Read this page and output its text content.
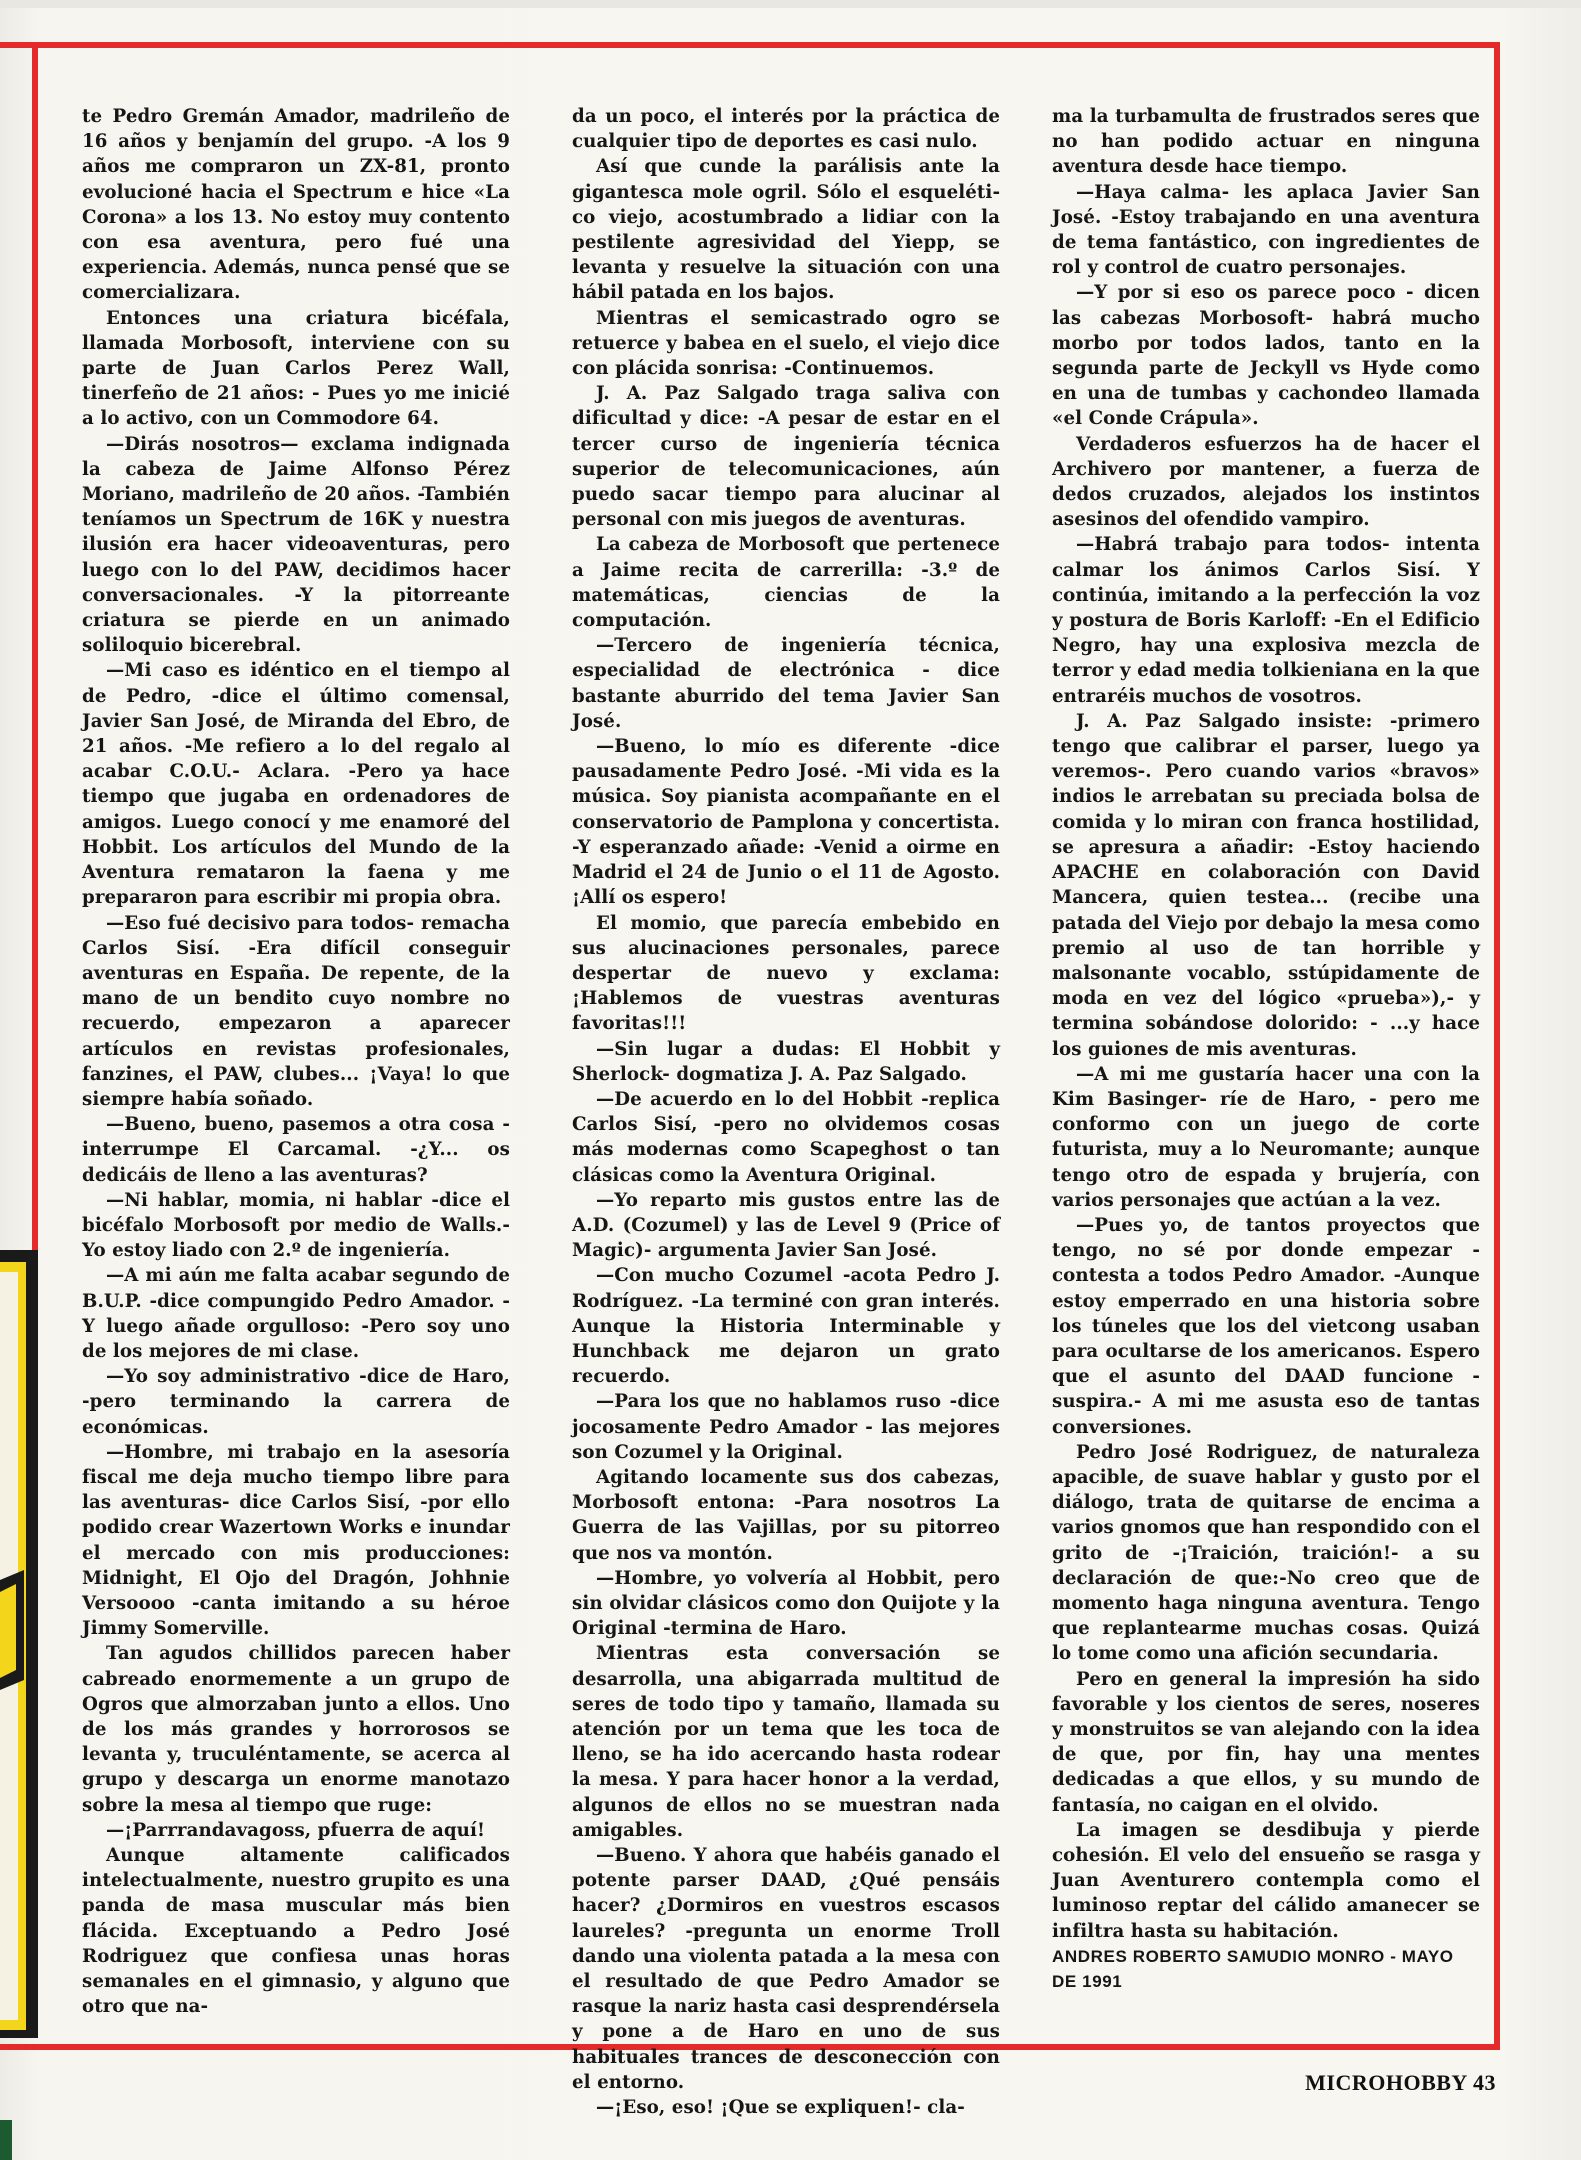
te Pedro Gremán Amador, madrileño de 16 años y benjamín del grupo. -A los 9 años me compraron un ZX-81, pronto evolucioné hacia el Spectrum e hice «La Corona» a los 13. No estoy muy contento con esa aventura, pero fué una experiencia. Además, nunca pensé que se comercializara.

Entonces una criatura bicéfala, llamada Morbosoft, interviene con su parte de Juan Carlos Perez Wall, tinerfeño de 21 años: - Pues yo me inicié a lo activo, con un Commodore 64.

—Dirás nosotros— exclama indignada la cabeza de Jaime Alfonso Pérez Moriano, madrileño de 20 años. -También teníamos un Spectrum de 16K y nuestra ilusión era hacer videoaventuras, pero luego con lo del PAW, decidimos hacer conversacionales. -Y la pitorreante criatura se pierde en un animado soliloquio bicerebral.

—Mi caso es idéntico en el tiempo al de Pedro, -dice el último comensal, Javier San José, de Miranda del Ebro, de 21 años. -Me refiero a lo del regalo al acabar C.O.U.- Aclara. -Pero ya hace tiempo que jugaba en ordenadores de amigos. Luego conocí y me enamoré del Hobbit. Los artículos del Mundo de la Aventura remataron la faena y me prepararon para escribir mi propia obra.

—Eso fué decisivo para todos- remacha Carlos Sisí. -Era difícil conseguir aventuras en España. De repente, de la mano de un bendito cuyo nombre no recuerdo, empezaron a aparecer artículos en revistas profesionales, fanzines, el PAW, clubes... ¡Vaya! lo que siempre había soñado.

—Bueno, bueno, pasemos a otra cosa -interrumpe El Carcamal. -¿Y... os dedicáis de lleno a las aventuras?

—Ni hablar, momia, ni hablar -dice el bicéfalo Morbosoft por medio de Walls.- Yo estoy liado con 2.º de ingeniería.

—A mi aún me falta acabar segundo de B.U.P. -dice compungido Pedro Amador. -Y luego añade orgulloso: -Pero soy uno de los mejores de mi clase.

—Yo soy administrativo -dice de Haro, -pero terminando la carrera de económicas.

—Hombre, mi trabajo en la asesoría fiscal me deja mucho tiempo libre para las aventuras- dice Carlos Sisí, -por ello podido crear Wazertown Works e inundar el mercado con mis producciones: Midnight, El Ojo del Dragón, Johhnie Versoooo -canta imitando a su héroe Jimmy Somerville.

Tan agudos chillidos parecen haber cabreado enormemente a un grupo de Ogros que almorzaban junto a ellos. Uno de los más grandes y horrorosos se levanta y, truculéntamente, se acerca al grupo y descarga un enorme manotazo sobre la mesa al tiempo que ruge:

—¡Parrrandavagoss, pfuerra de aquí!

Aunque altamente calificados intelectualmente, nuestro grupito es una panda de masa muscular más bien flácida. Exceptuando a Pedro José Rodriguez que confiesa unas horas semanales en el gimnasio, y alguno que otro que na-

da un poco, el interés por la práctica de cualquier tipo de deportes es casi nulo.

Así que cunde la parálisis ante la gigantesca mole ogril. Sólo el esquelético viejo, acostumbrado a lidiar con la pestilente agresividad del Yiepp, se levanta y resuelve la situación con una hábil patada en los bajos.

Mientras el semicastrado ogro se retuerce y babea en el suelo, el viejo dice con plácida sonrisa: -Continuemos.

J. A. Paz Salgado traga saliva con dificultad y dice: -A pesar de estar en el tercer curso de ingeniería técnica superior de telecomunicaciones, aún puedo sacar tiempo para alucinar al personal con mis juegos de aventuras.

La cabeza de Morbosoft que pertenece a Jaime recita de carrerilla: -3.º de matemáticas, ciencias de la computación.

—Tercero de ingeniería técnica, especialidad de electrónica - dice bastante aburrido del tema Javier San José.

—Bueno, lo mío es diferente -dice pausadamente Pedro José. -Mi vida es la música. Soy pianista acompañante en el conservatorio de Pamplona y concertista. -Y esperanzado añade: -Venid a oirme en Madrid el 24 de Junio o el 11 de Agosto. ¡Allí os espero!

El momio, que parecía embebido en sus alucinaciones personales, parece despertar de nuevo y exclama: ¡Hablemos de vuestras aventuras favoritas!!!

—Sin lugar a dudas: El Hobbit y Sherlock- dogmatiza J. A. Paz Salgado.

—De acuerdo en lo del Hobbit -replica Carlos Sisí, -pero no olvidemos cosas más modernas como Scapeghost o tan clásicas como la Aventura Original.

—Yo reparto mis gustos entre las de A.D. (Cozumel) y las de Level 9 (Price of Magic)- argumenta Javier San José.

—Con mucho Cozumel -acota Pedro J. Rodríguez. -La terminé con gran interés. Aunque la Historia Interminable y Hunchback me dejaron un grato recuerdo.

—Para los que no hablamos ruso -dice jocosamente Pedro Amador - las mejores son Cozumel y la Original.

Agitando locamente sus dos cabezas, Morbosoft entona: -Para nosotros La Guerra de las Vajillas, por su pitorreo que nos va montón.

—Hombre, yo volvería al Hobbit, pero sin olvidar clásicos como don Quijote y la Original -termina de Haro.

Mientras esta conversación se desarrolla, una abigarrada multitud de seres de todo tipo y tamaño, llamada su atención por un tema que les toca de lleno, se ha ido acercando hasta rodear la mesa. Y para hacer honor a la verdad, algunos de ellos no se muestran nada amigables.

—Bueno. Y ahora que habéis ganado el potente parser DAAD, ¿Qué pensáis hacer? ¿Dormiros en vuestros escasos laureles? -pregunta un enorme Troll dando una violenta patada a la mesa con el resultado de que Pedro Amador se rasque la nariz hasta casi desprendérsela y pone a de Haro en uno de sus habituales trances de desconección con el entorno.

—¡Eso, eso! ¡Que se expliquen!- cla-

ma la turbamulta de frustrados seres que no han podido actuar en ninguna aventura desde hace tiempo.

—Haya calma- les aplaca Javier San José. -Estoy trabajando en una aventura de tema fantástico, con ingredientes de rol y control de cuatro personajes.

—Y por si eso os parece poco - dicen las cabezas Morbosoft- habrá mucho morbo por todos lados, tanto en la segunda parte de Jeckyll vs Hyde como en una de tumbas y cachondeo llamada «el Conde Crápula».

Verdaderos esfuerzos ha de hacer el Archivero por mantener, a fuerza de dedos cruzados, alejados los instintos asesinos del ofendido vampiro.

—Habrá trabajo para todos- intenta calmar los ánimos Carlos Sisí. Y continúa, imitando a la perfección la voz y postura de Boris Karloff: -En el Edificio Negro, hay una explosiva mezcla de terror y edad media tolkieniana en la que entraréis muchos de vosotros.

J. A. Paz Salgado insiste: -primero tengo que calibrar el parser, luego ya veremos-. Pero cuando varios «bravos» indios le arrebatan su preciada bolsa de comida y lo miran con franca hostilidad, se apresura a añadir: -Estoy haciendo APACHE en colaboración con David Mancera, quien testea... (recibe una patada del Viejo por debajo la mesa como premio al uso de tan horrible y malsonante vocablo, sstúpidamente de moda en vez del lógico «prueba»),- y termina sobándose dolorido: - ...y hace los guiones de mis aventuras.

—A mi me gustaría hacer una con la Kim Basinger- ríe de Haro, - pero me conformo con un juego de corte futurista, muy a lo Neuromante; aunque tengo otro de espada y brujería, con varios personajes que actúan a la vez.

—Pues yo, de tantos proyectos que tengo, no sé por donde empezar -contesta a todos Pedro Amador. -Aunque estoy emperrado en una historia sobre los túneles que los del vietcong usaban para ocultarse de los americanos. Espero que el asunto del DAAD funcione - suspira.- A mi me asusta eso de tantas conversiones.

Pedro José Rodriguez, de naturaleza apacible, de suave hablar y gusto por el diálogo, trata de quitarse de encima a varios gnomos que han respondido con el grito de -¡Traición, traición!- a su declaración de que:-No creo que de momento haga ninguna aventura. Tengo que replantearme muchas cosas. Quizá lo tome como una afición secundaria.

Pero en general la impresión ha sido favorable y los cientos de seres, noseres y monstruitos se van alejando con la idea de que, por fin, hay una mentes dedicadas a que ellos, y su mundo de fantasía, no caigan en el olvido.

La imagen se desdibuja y pierde cohesión. El velo del ensueño se rasga y Juan Aventurero contempla como el luminoso reptar del cálido amanecer se infiltra hasta su habitación.

ANDRES ROBERTO SAMUDIO MONRO - MAYO DE 1991

MICROHOBBY 43
